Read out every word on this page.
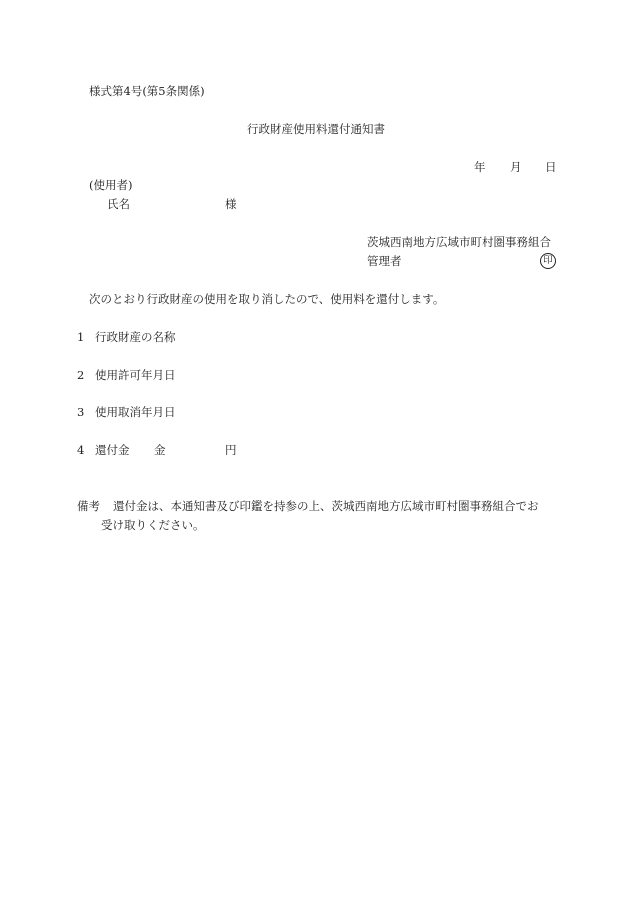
様式第4号(第5条関係)
行政財産使用料還付通知書
年 月 日
(使用者)
氏名	様
茨城西南地方広域市町村圏事務組合
管理者	印
次のとおり行政財産の使用を取り消したので、使用料を還付します。
1 行政財産の名称
2 使用許可年月日
3 使用取消年月日
4 還付金 金	円
備考 還付金は、本通知書及び印鑑を持参の上、茨城西南地方広域市町村圏事務組合でお
受け取りください。
